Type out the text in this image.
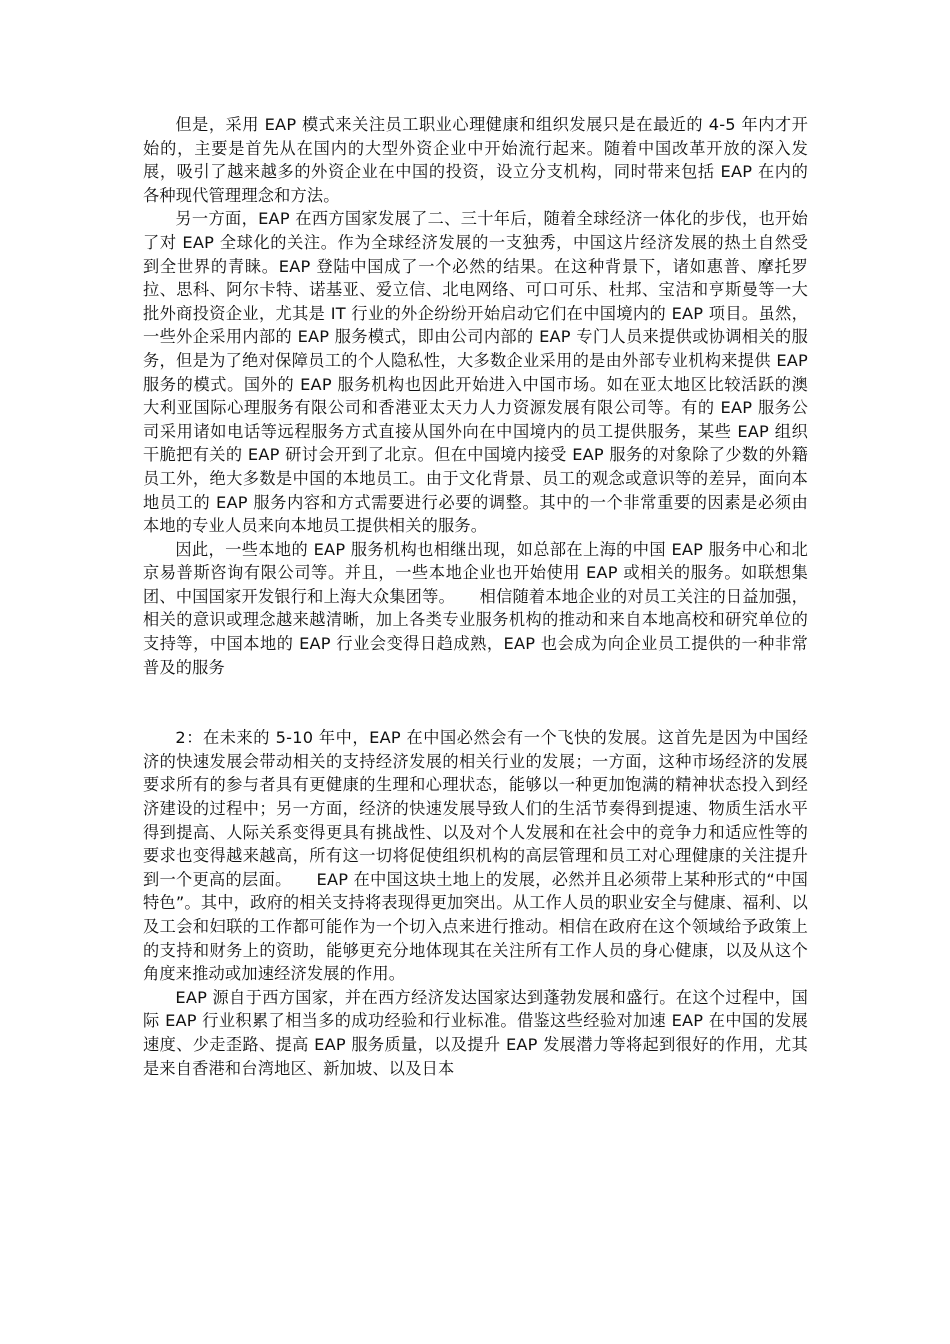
但是，采用 EAP 模式来关注员工职业心理健康和组织发展只是在最近的 4-5 年内才开始的，主要是首先从在国内的大型外资企业中开始流行起来。随着中国改革开放的深入发展，吸引了越来越多的外资企业在中国的投资，设立分支机构，同时带来包括 EAP 在内的各种现代管理理念和方法。

另一方面，EAP 在西方国家发展了二、三十年后，随着全球经济一体化的步伐，也开始了对 EAP 全球化的关注。作为全球经济发展的一支独秀，中国这片经济发展的热土自然受到全世界的青睐。EAP 登陆中国成了一个必然的结果。在这种背景下，诸如惠普、摩托罗拉、思科、阿尔卡特、诺基亚、爱立信、北电网络、可口可乐、杜邦、宝洁和亨斯曼等一大批外商投资企业，尤其是 IT 行业的外企纷纷开始启动它们在中国境内的 EAP 项目。虽然，一些外企采用内部的 EAP 服务模式，即由公司内部的 EAP 专门人员来提供或协调相关的服务，但是为了绝对保障员工的个人隐私性，大多数企业采用的是由外部专业机构来提供 EAP 服务的模式。国外的 EAP 服务机构也因此开始进入中国市场。如在亚太地区比较活跃的澳大利亚国际心理服务有限公司和香港亚太天力人力资源发展有限公司等。有的 EAP 服务公司采用诸如电话等远程服务方式直接从国外向在中国境内的员工提供服务，某些 EAP 组织干脆把有关的 EAP 研讨会开到了北京。但在中国境内接受 EAP 服务的对象除了少数的外籍员工外，绝大多数是中国的本地员工。由于文化背景、员工的观念或意识等的差异，面向本地员工的 EAP 服务内容和方式需要进行必要的调整。其中的一个非常重要的因素是必须由本地的专业人员来向本地员工提供相关的服务。

因此，一些本地的 EAP 服务机构也相继出现，如总部在上海的中国 EAP 服务中心和北京易普斯咨询有限公司等。并且，一些本地企业也开始使用 EAP 或相关的服务。如联想集团、中国国家开发银行和上海大众集团等。　　相信随着本地企业的对员工关注的日益加强，相关的意识或理念越来越清晰，加上各类专业服务机构的推动和来自本地高校和研究单位的支持等，中国本地的 EAP 行业会变得日趋成熟，EAP 也会成为向企业员工提供的一种非常普及的服务

2：在未来的 5-10 年中，EAP 在中国必然会有一个飞快的发展。这首先是因为中国经济的快速发展会带动相关的支持经济发展的相关行业的发展；一方面，这种市场经济的发展要求所有的参与者具有更健康的生理和心理状态，能够以一种更加饱满的精神状态投入到经济建设的过程中；另一方面，经济的快速发展导致人们的生活节奏得到提速、物质生活水平得到提高、人际关系变得更具有挑战性、以及对个人发展和在社会中的竞争力和适应性等的要求也变得越来越高，所有这一切将促使组织机构的高层管理和员工对心理健康的关注提升到一个更高的层面。　　EAP 在中国这块土地上的发展，必然并且必须带上某种形式的“中国特色”。其中，政府的相关支持将表现得更加突出。从工作人员的职业安全与健康、福利、以及工会和妇联的工作都可能作为一个切入点来进行推动。相信在政府在这个领域给予政策上的支持和财务上的资助，能够更充分地体现其在关注所有工作人员的身心健康，以及从这个角度来推动或加速经济发展的作用。

EAP 源自于西方国家，并在西方经济发达国家达到蓬勃发展和盛行。在这个过程中，国际 EAP 行业积累了相当多的成功经验和行业标准。借鉴这些经验对加速 EAP 在中国的发展速度、少走歪路、提高 EAP 服务质量，以及提升 EAP 发展潜力等将起到很好的作用，尤其是来自香港和台湾地区、新加坡、以及日本
